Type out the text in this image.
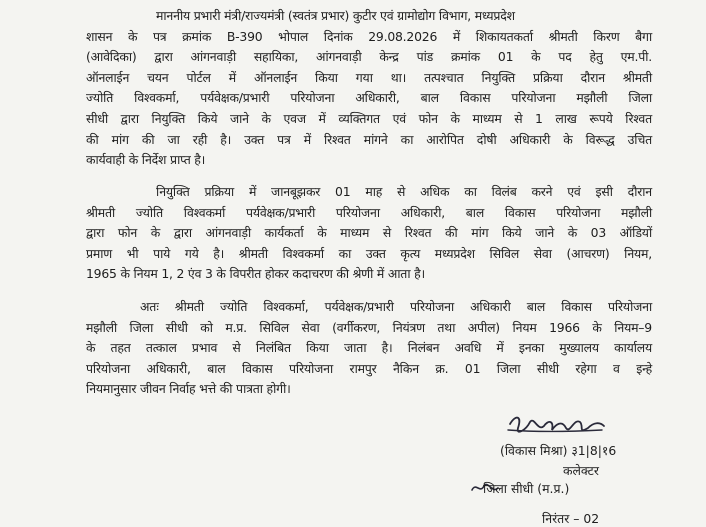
माननीय प्रभारी मंत्री/राज्यमंत्री (स्वतंत्र प्रभार) कुटीर एवं ग्रामोद्योग विभाग, मध्यप्रदेश
शासन के पत्र क्रमांक B-390 भोपाल दिनांक 29.08.2026 में शिकायतकर्ता श्रीमती किरण बैगा
(आवेदिका) द्वारा आंगनवाड़ी सहायिका, आंगनवाड़ी केन्द्र पांड क्रमांक 01 के पद हेतु एम.पी.
ऑनलाईन चयन पोर्टल में ऑनलाईन किया गया था। तत्पश्चात नियुक्ति प्रक्रिया दौरान श्रीमती
ज्योति विश्वकर्मा, पर्यवेक्षक/प्रभारी परियोजना अधिकारी, बाल विकास परियोजना मझौली जिला
सीधी द्वारा नियुक्ति किये जाने के एवज में व्यक्तिगत एवं फोन के माध्यम से 1 लाख रूपये रिश्वत
की मांग की जा रही है। उक्त पत्र में रिश्वत मांगने का आरोपित दोषी अधिकारी के विरूद्ध उचित
कार्यवाही के निर्देश प्राप्त है।
नियुक्ति प्रक्रिया में जानबूझकर 01 माह से अधिक का विलंब करने एवं इसी दौरान
श्रीमती ज्योति विश्वकर्मा पर्यवेक्षक/प्रभारी परियोजना अधिकारी, बाल विकास परियोजना मझौली
द्वारा फोन के द्वारा आंगनवाड़ी कार्यकर्ता के माध्यम से रिश्वत की मांग किये जाने के 03 ऑडियों
प्रमाण भी पाये गये है। श्रीमती विश्वकर्मा का उक्त कृत्य मध्यप्रदेश सिविल सेवा (आचरण) नियम,
1965 के नियम 1, 2 एंव 3 के विपरीत होकर कदाचरण की श्रेणी में आता है।
अतः श्रीमती ज्योति विश्वकर्मा, पर्यवेक्षक/प्रभारी परियोजना अधिकारी बाल विकास परियोजना
मझौली जिला सीधी को म.प्र. सिविल सेवा (वर्गीकरण, नियंत्रण तथा अपील) नियम 1966 के नियम–9
के तहत तत्काल प्रभाव से निलंबित किया जाता है। निलंबन अवधि में इनका मुख्यालय कार्यालय
परियोजना अधिकारी, बाल विकास परियोजना रामपुर नैकिन क्र. 01 जिला सीधी रहेगा व इन्हे
नियमानुसार जीवन निर्वाह भत्ते की पात्रता होगी।
(विकास मिश्रा) ३1|8|१6
कलेक्टर
जिला सीधी (म.प्र.)
निरंतर – 02
